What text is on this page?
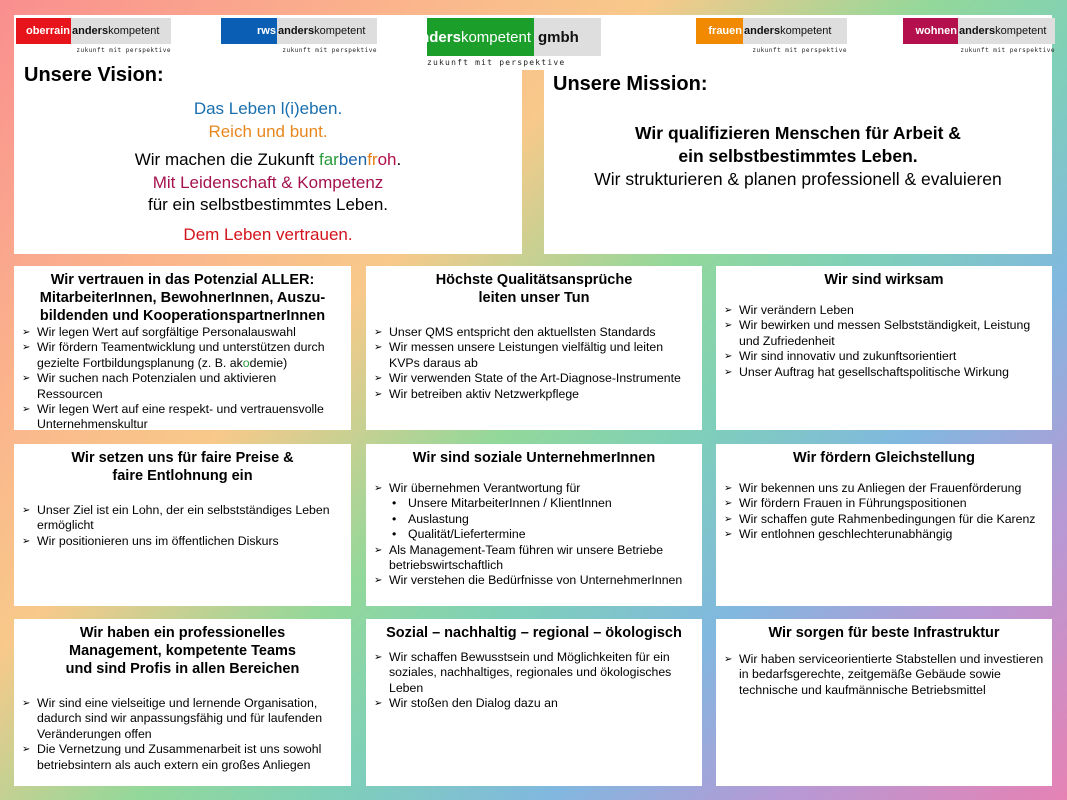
oberrain anders kompetent
zukunft mit perspektive
rws anders kompetent
zukunft mit perspektive
anders kompetent gmbh
zukunft mit perspektive
frauen anders kompetent
zukunft mit perspektive
wohnen anders kompetent
zukunft mit perspektive
Unsere Vision:
Das Leben l(i)eben.
Reich und bunt.
Wir machen die Zukunft farbenfroh.
Mit Leidenschaft & Kompetenz
für ein selbstbestimmtes Leben.
Dem Leben vertrauen.
Unsere Mission:
Wir qualifizieren Menschen für Arbeit &
ein selbstbestimmtes Leben.
Wir strukturieren & planen professionell & evaluieren
Wir vertrauen in das Potenzial ALLER:
MitarbeiterInnen, BewohnerInnen, Auszu-
bildenden und KooperationspartnerInnen
➢ Wir legen Wert auf sorgfältige Personalauswahl
➢ Wir fördern Teamentwicklung und unterstützen durch gezielte Fortbildungsplanung (z. B. akodemie)
➢ Wir suchen nach Potenzialen und aktivieren Ressourcen
➢ Wir legen Wert auf eine respekt- und vertrauensvolle Unternehmenskultur
Höchste Qualitätsansprüche
leiten unser Tun
➢ Unser QMS entspricht den aktuellsten Standards
➢ Wir messen unsere Leistungen vielfältig und leiten KVPs daraus ab
➢ Wir verwenden State of the Art-Diagnose-Instrumente
➢ Wir betreiben aktiv Netzwerkpflege
Wir sind wirksam
➢ Wir verändern Leben
➢ Wir bewirken und messen Selbstständigkeit, Leistung und Zufriedenheit
➢ Wir sind innovativ und zukunftsorientiert
➢ Unser Auftrag hat gesellschaftspolitische Wirkung
Wir setzen uns für faire Preise &
faire Entlohnung ein
➢ Unser Ziel ist ein Lohn, der ein selbstständiges Leben ermöglicht
➢ Wir positionieren uns im öffentlichen Diskurs
Wir sind soziale UnternehmerInnen
➢ Wir übernehmen Verantwortung für
• Unsere MitarbeiterInnen / KlientInnen
• Auslastung
• Qualität/Liefertermine
➢ Als Management-Team führen wir unsere Betriebe betriebswirtschaftlich
➢ Wir verstehen die Bedürfnisse von UnternehmerInnen
Wir fördern Gleichstellung
➢ Wir bekennen uns zu Anliegen der Frauenförderung
➢ Wir fördern Frauen in Führungspositionen
➢ Wir schaffen gute Rahmenbedingungen für die Karenz
➢ Wir entlohnen geschlechterunabhängig
Wir haben ein professionelles
Management, kompetente Teams
und sind Profis in allen Bereichen
➢ Wir sind eine vielseitige und lernende Organisation, dadurch sind wir anpassungsfähig und für laufenden Veränderungen offen
➢ Die Vernetzung und Zusammenarbeit ist uns sowohl betriebsintern als auch extern ein großes Anliegen
Sozial – nachhaltig – regional – ökologisch
➢ Wir schaffen Bewusstsein und Möglichkeiten für ein soziales, nachhaltiges, regionales und ökologisches Leben
➢ Wir stoßen den Dialog dazu an
Wir sorgen für beste Infrastruktur
➢ Wir haben serviceorientierte Stabstellen und investieren in bedarfsgerechte, zeitgemäße Gebäude sowie technische und kaufmännische Betriebsmittel
